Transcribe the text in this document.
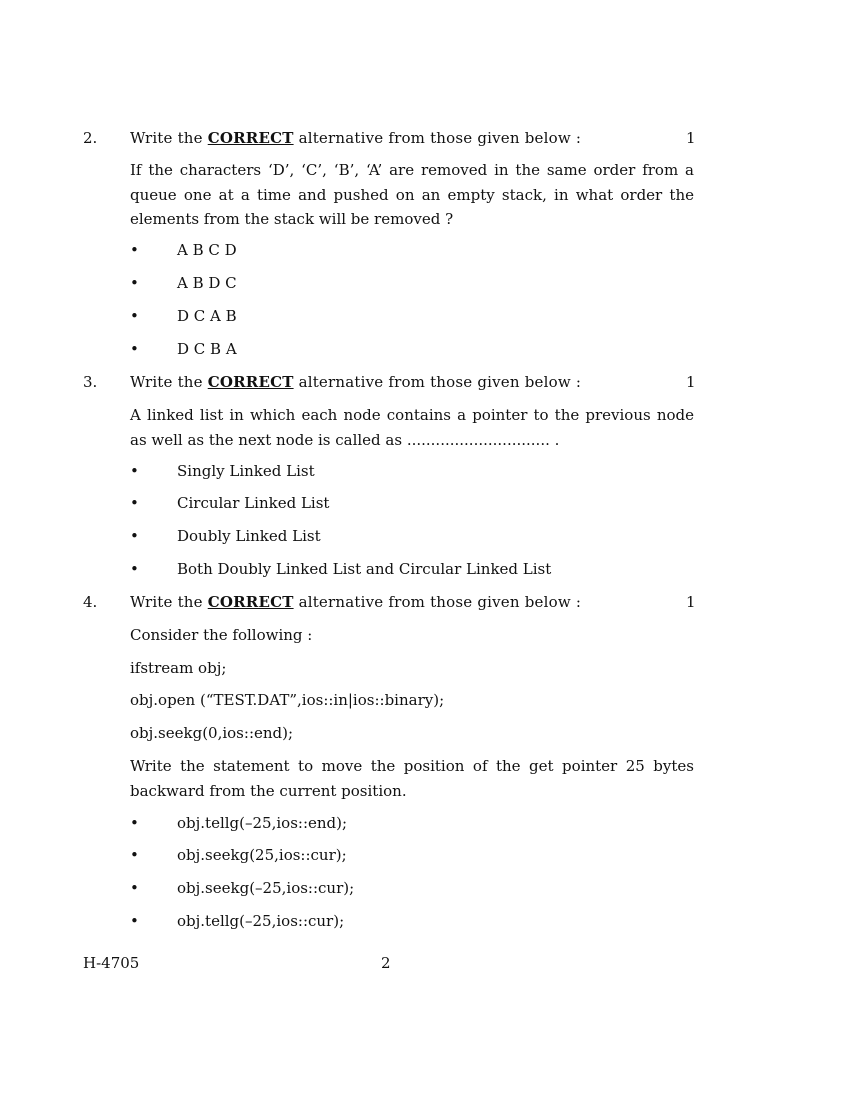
2. Write the CORRECT alternative from those given below :	1
If the characters ‘D’, ‘C’, ‘B’, ‘A’ are removed in the same order from a queue one at a time and pushed on an empty stack, in what order the elements from the stack will be removed ?
•	A B C D
•	A B D C
•	D C A B
•	D C B A
3. Write the CORRECT alternative from those given below :	1
A linked list in which each node contains a pointer to the previous node as well as the next node is called as .............................. .
•	Singly Linked List
•	Circular Linked List
•	Doubly Linked List
•	Both Doubly Linked List and Circular Linked List
4. Write the CORRECT alternative from those given below :	1
Consider the following :
ifstream obj;
obj.open (“TEST.DAT”,ios::in|ios::binary);
obj.seekg(0,ios::end);
Write the statement to move the position of the get pointer 25 bytes backward from the current position.
•	obj.tellg(–25,ios::end);
•	obj.seekg(25,ios::cur);
•	obj.seekg(–25,ios::cur);
•	obj.tellg(–25,ios::cur);
H-4705	2
